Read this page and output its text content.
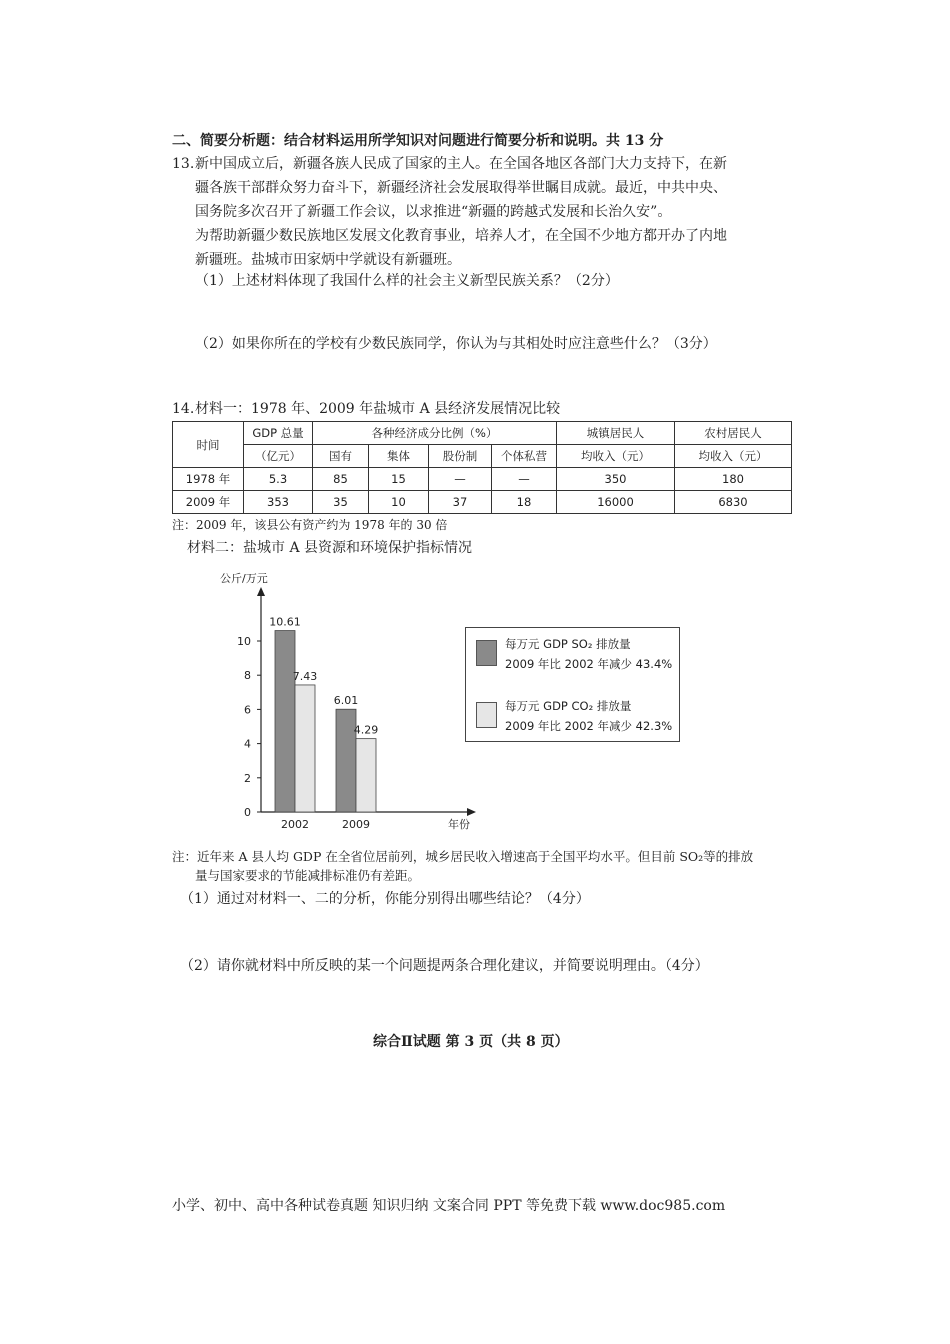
二、简要分析题：结合材料运用所学知识对问题进行简要分析和说明。共 13 分
13. 新中国成立后，新疆各族人民成了国家的主人。在全国各地区各部门大力支持下，在新
疆各族干部群众努力奋斗下，新疆经济社会发展取得举世瞩目成就。最近，中共中央、
国务院多次召开了新疆工作会议，以求推进“新疆的跨越式发展和长治久安”。
为帮助新疆少数民族地区发展文化教育事业，培养人才，在全国不少地方都开办了内地
新疆班。盐城市田家炳中学就设有新疆班。
（1）上述材料体现了我国什么样的社会主义新型民族关系？（2分）
（2）如果你所在的学校有少数民族同学，你认为与其相处时应注意些什么？（3分）
14. 材料一：1978 年、2009 年盐城市 A 县经济发展情况比较
时间	GDP 总量	各种经济成分比例（%）				城镇居民人	农村居民人
	（亿元）	国有	集体	股份制	个体私营	均收入（元）	均收入（元）
1978 年	5.3	85	15	—	—	350	180
2009 年	353	35	10	37	18	16000	6830
注：2009 年，该县公有资产约为 1978 年的 30 倍
材料二：盐城市 A 县资源和环境保护指标情况
公斤/万元
年份
0
2
4
6
8
10
10.61
7.43
2002
6.01
4.29
2009
每万元 GDP SO₂ 排放量
2009 年比 2002 年减少 43.4%
每万元 GDP CO₂ 排放量
2009 年比 2002 年减少 42.3%
注：近年来 A 县人均 GDP 在全省位居前列，城乡居民收入增速高于全国平均水平。但目前 SO₂等的排放
量与国家要求的节能减排标准仍有差距。
（1）通过对材料一、二的分析，你能分别得出哪些结论？（4分）
（2）请你就材料中所反映的某一个问题提两条合理化建议，并简要说明理由。（4分）
综合Ⅱ试题 第 3 页（共 8 页）
小学、初中、高中各种试卷真题 知识归纳 文案合同 PPT 等免费下载 www.doc985.com
